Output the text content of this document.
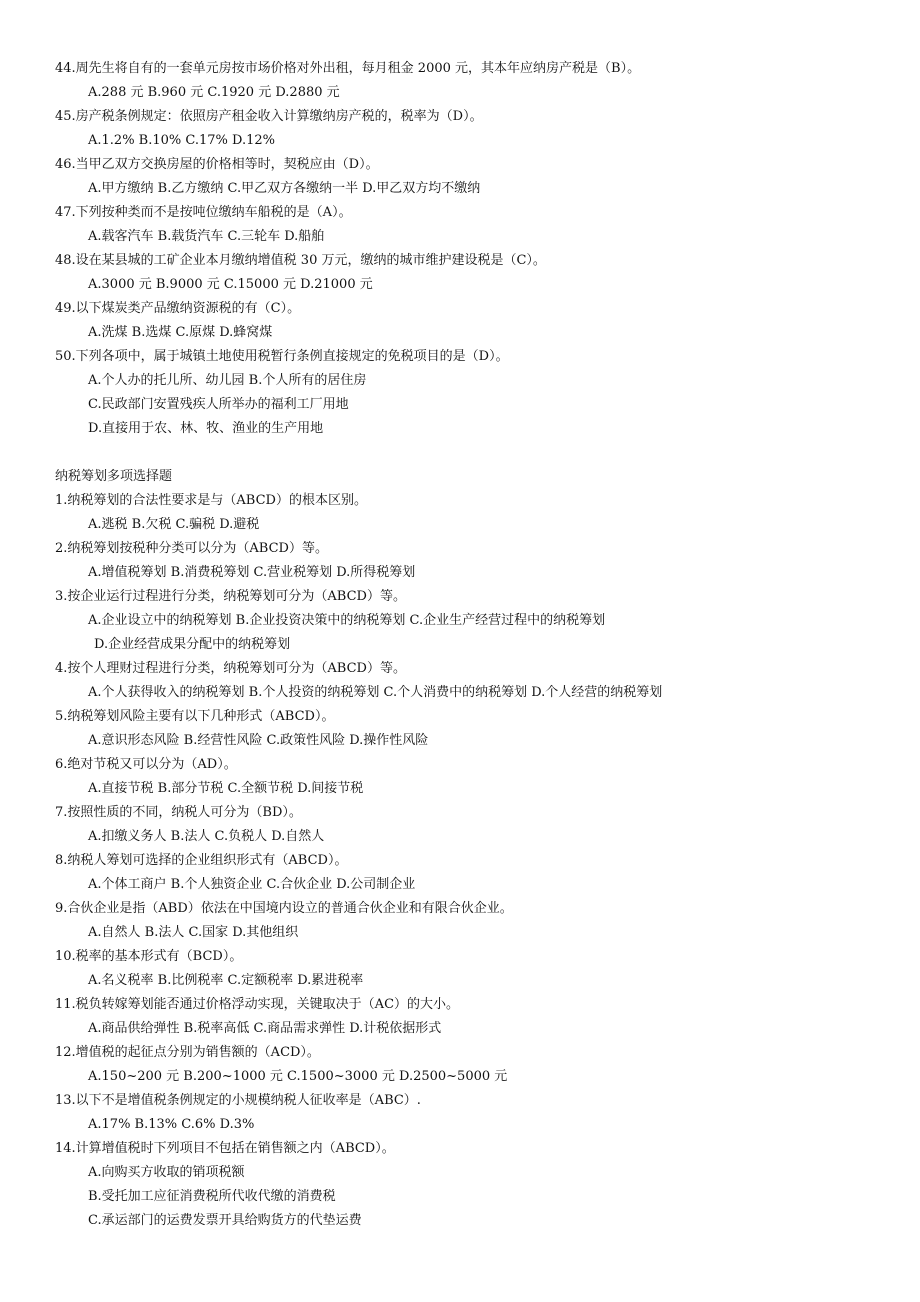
44.周先生将自有的一套单元房按市场价格对外出租，每月租金 2000 元，其本年应纳房产税是（B）。
A.288 元 B.960 元 C.1920 元 D.2880 元
45.房产税条例规定：依照房产租金收入计算缴纳房产税的，税率为（D）。
A.1.2% B.10% C.17% D.12%
46.当甲乙双方交换房屋的价格相等时，契税应由（D）。
A.甲方缴纳 B.乙方缴纳 C.甲乙双方各缴纳一半 D.甲乙双方均不缴纳
47.下列按种类而不是按吨位缴纳车船税的是（A）。
A.载客汽车 B.载货汽车 C.三轮车 D.船舶
48.设在某县城的工矿企业本月缴纳增值税 30 万元，缴纳的城市维护建设税是（C）。
A.3000 元 B.9000 元 C.15000 元 D.21000 元
49.以下煤炭类产品缴纳资源税的有（C）。
A.洗煤 B.选煤 C.原煤 D.蜂窝煤
50.下列各项中，属于城镇土地使用税暂行条例直接规定的免税项目的是（D）。
A.个人办的托儿所、幼儿园 B.个人所有的居住房
C.民政部门安置残疾人所举办的福利工厂用地
D.直接用于农、林、牧、渔业的生产用地
纳税筹划多项选择题
1.纳税筹划的合法性要求是与（ABCD）的根本区别。
A.逃税 B.欠税 C.骗税 D.避税
2.纳税筹划按税种分类可以分为（ABCD）等。
A.增值税筹划 B.消费税筹划 C.营业税筹划 D.所得税筹划
3.按企业运行过程进行分类，纳税筹划可分为（ABCD）等。
A.企业设立中的纳税筹划 B.企业投资决策中的纳税筹划 C.企业生产经营过程中的纳税筹划
D.企业经营成果分配中的纳税筹划
4.按个人理财过程进行分类，纳税筹划可分为（ABCD）等。
A.个人获得收入的纳税筹划 B.个人投资的纳税筹划 C.个人消费中的纳税筹划 D.个人经营的纳税筹划
5.纳税筹划风险主要有以下几种形式（ABCD）。
A.意识形态风险 B.经营性风险 C.政策性风险 D.操作性风险
6.绝对节税又可以分为（AD）。
A.直接节税 B.部分节税 C.全额节税 D.间接节税
7.按照性质的不同，纳税人可分为（BD）。
A.扣缴义务人 B.法人 C.负税人 D.自然人
8.纳税人筹划可选择的企业组织形式有（ABCD）。
A.个体工商户 B.个人独资企业 C.合伙企业 D.公司制企业
9.合伙企业是指（ABD）依法在中国境内设立的普通合伙企业和有限合伙企业。
A.自然人 B.法人 C.国家 D.其他组织
10.税率的基本形式有（BCD）。
A.名义税率 B.比例税率 C.定额税率 D.累进税率
11.税负转嫁筹划能否通过价格浮动实现，关键取决于（AC）的大小。
A.商品供给弹性 B.税率高低 C.商品需求弹性 D.计税依据形式
12.增值税的起征点分别为销售额的（ACD）。
A.150~200 元 B.200~1000 元 C.1500~3000 元 D.2500~5000 元
13.以下不是增值税条例规定的小规模纳税人征收率是（ABC）.
A.17% B.13% C.6% D.3%
14.计算增值税时下列项目不包括在销售额之内（ABCD）。
A.向购买方收取的销项税额
B.受托加工应征消费税所代收代缴的消费税
C.承运部门的运费发票开具给购货方的代垫运费
